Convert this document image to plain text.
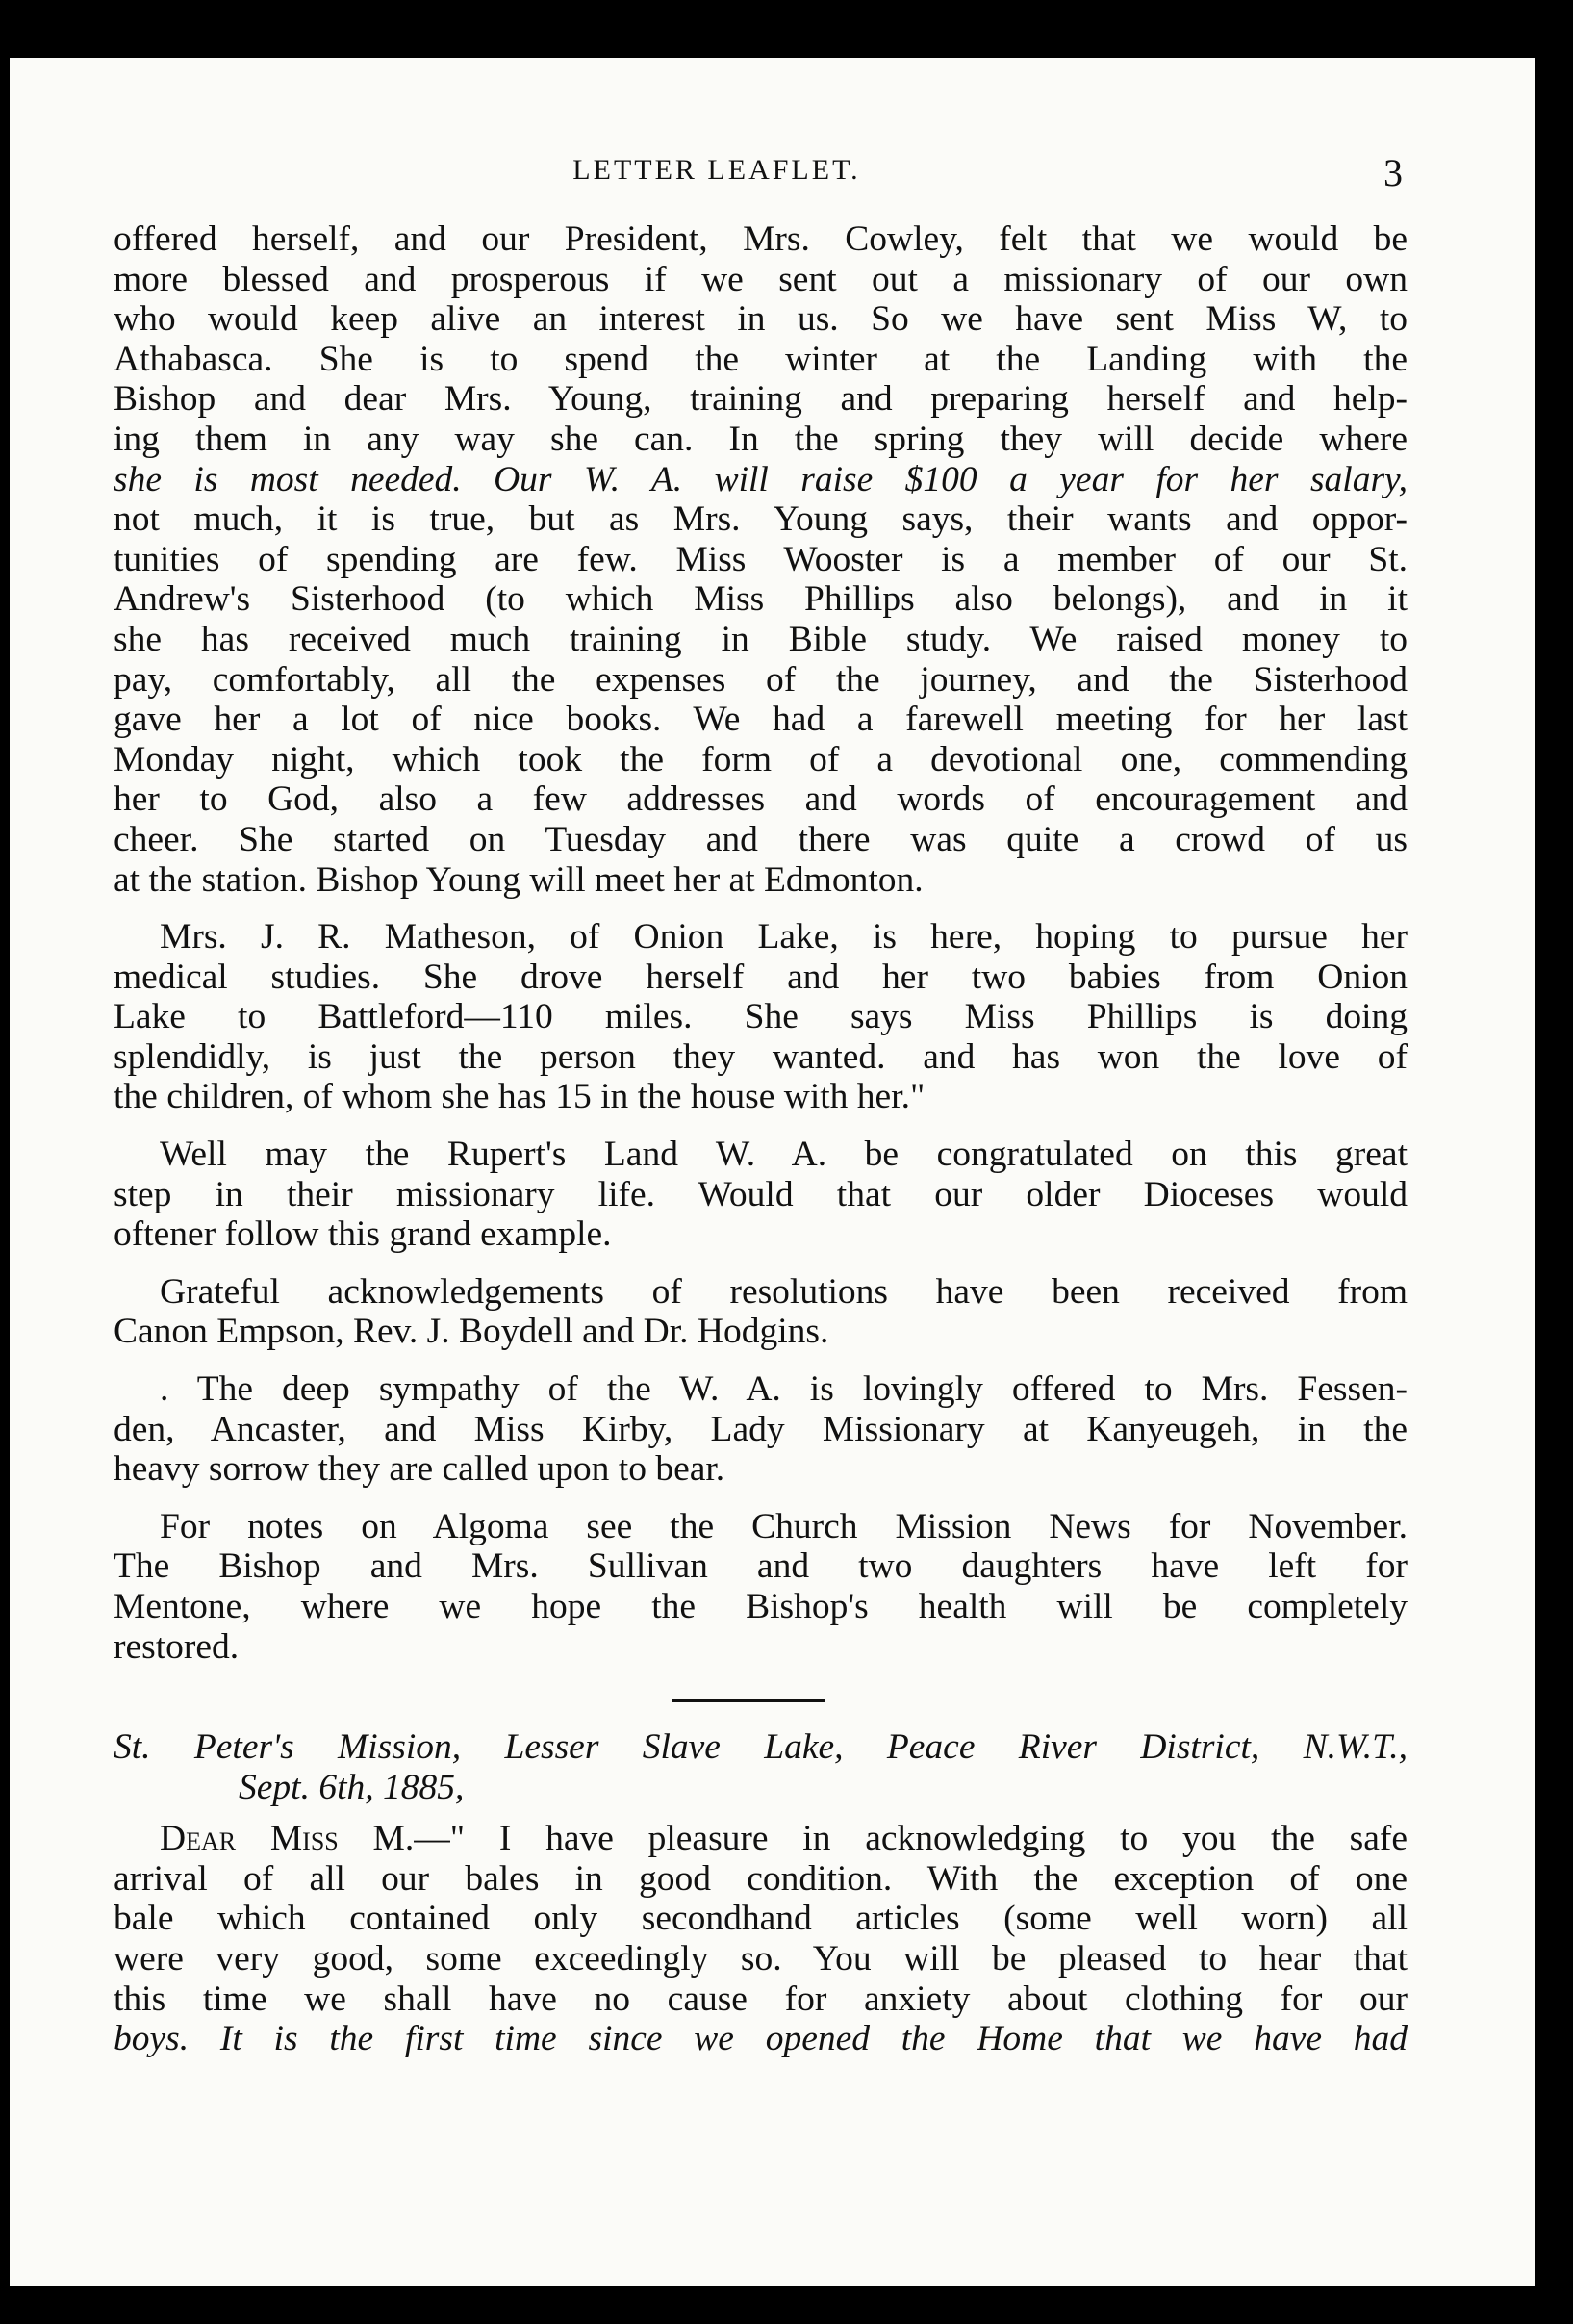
LETTER LEAFLET.	3
offered herself, and our President, Mrs. Cowley, felt that we would be
more blessed and prosperous if we sent out a missionary of our own
who would keep alive an interest in us. So we have sent Miss W, to
Athabasca. She is to spend the winter at the Landing with the
Bishop and dear Mrs. Young, training and preparing herself and help-
ing them in any way she can. In the spring they will decide where
she is most needed. Our W. A. will raise $100 a year for her salary,
not much, it is true, but as Mrs. Young says, their wants and oppor-
tunities of spending are few. Miss Wooster is a member of our St.
Andrew's Sisterhood (to which Miss Phillips also belongs), and in it
she has received much training in Bible study. We raised money to
pay, comfortably, all the expenses of the journey, and the Sisterhood
gave her a lot of nice books. We had a farewell meeting for her last
Monday night, which took the form of a devotional one, commending
her to God, also a few addresses and words of encouragement and
cheer. She started on Tuesday and there was quite a crowd of us
at the station. Bishop Young will meet her at Edmonton.
Mrs. J. R. Matheson, of Onion Lake, is here, hoping to pursue her
medical studies. She drove herself and her two babies from Onion
Lake to Battleford—110 miles. She says Miss Phillips is doing
splendidly, is just the person they wanted. and has won the love of
the children, of whom she has 15 in the house with her."
Well may the Rupert's Land W. A. be congratulated on this great
step in their missionary life. Would that our older Dioceses would
oftener follow this grand example.
Grateful acknowledgements of resolutions have been received from
Canon Empson, Rev. J. Boydell and Dr. Hodgins.
. The deep sympathy of the W. A. is lovingly offered to Mrs. Fessen-
den, Ancaster, and Miss Kirby, Lady Missionary at Kanyeugeh, in the
heavy sorrow they are called upon to bear.
For notes on Algoma see the Church Mission News for November.
The Bishop and Mrs. Sullivan and two daughters have left for
Mentone, where we hope the Bishop's health will be completely
restored.
St. Peter's Mission, Lesser Slave Lake, Peace River District, N.W.T.,
Sept. 6th, 1885,
Dear Miss M.—" I have pleasure in acknowledging to you the safe
arrival of all our bales in good condition. With the exception of one
bale which contained only secondhand articles (some well worn) all
were very good, some exceedingly so. You will be pleased to hear that
this time we shall have no cause for anxiety about clothing for our
boys. It is the first time since we opened the Home that we have had
